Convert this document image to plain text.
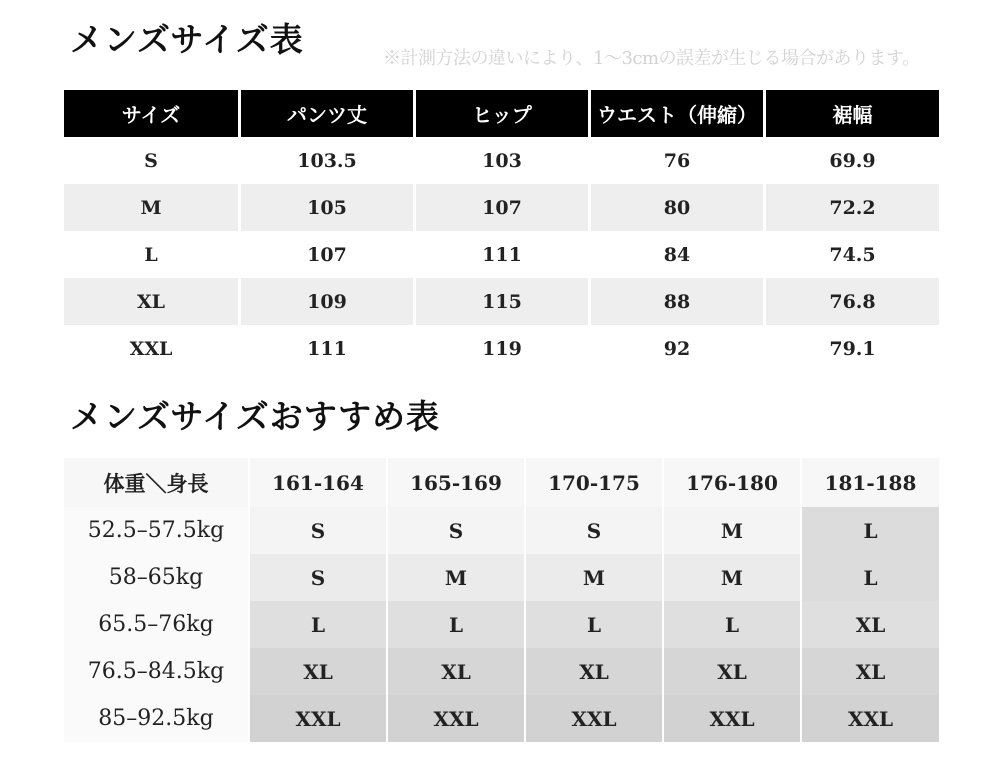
メンズサイズ表	※計測方法の違いにより、1〜3cmの誤差が生じる場合があります。
サイズ	パンツ丈	ヒップ	ウエスト（伸縮）	裾幅
S	103.5	103	76	69.9
M	105	107	80	72.2
L	107	111	84	74.5
XL	109	115	88	76.8
XXL	111	119	92	79.1
メンズサイズおすすめ表
体重＼身長	161-164	165-169	170-175	176-180	181-188
52.5–57.5kg	S	S	S	M	L
58–65kg	S	M	M	M	L
65.5–76kg	L	L	L	L	XL
76.5–84.5kg	XL	XL	XL	XL	XL
85–92.5kg	XXL	XXL	XXL	XXL	XXL
